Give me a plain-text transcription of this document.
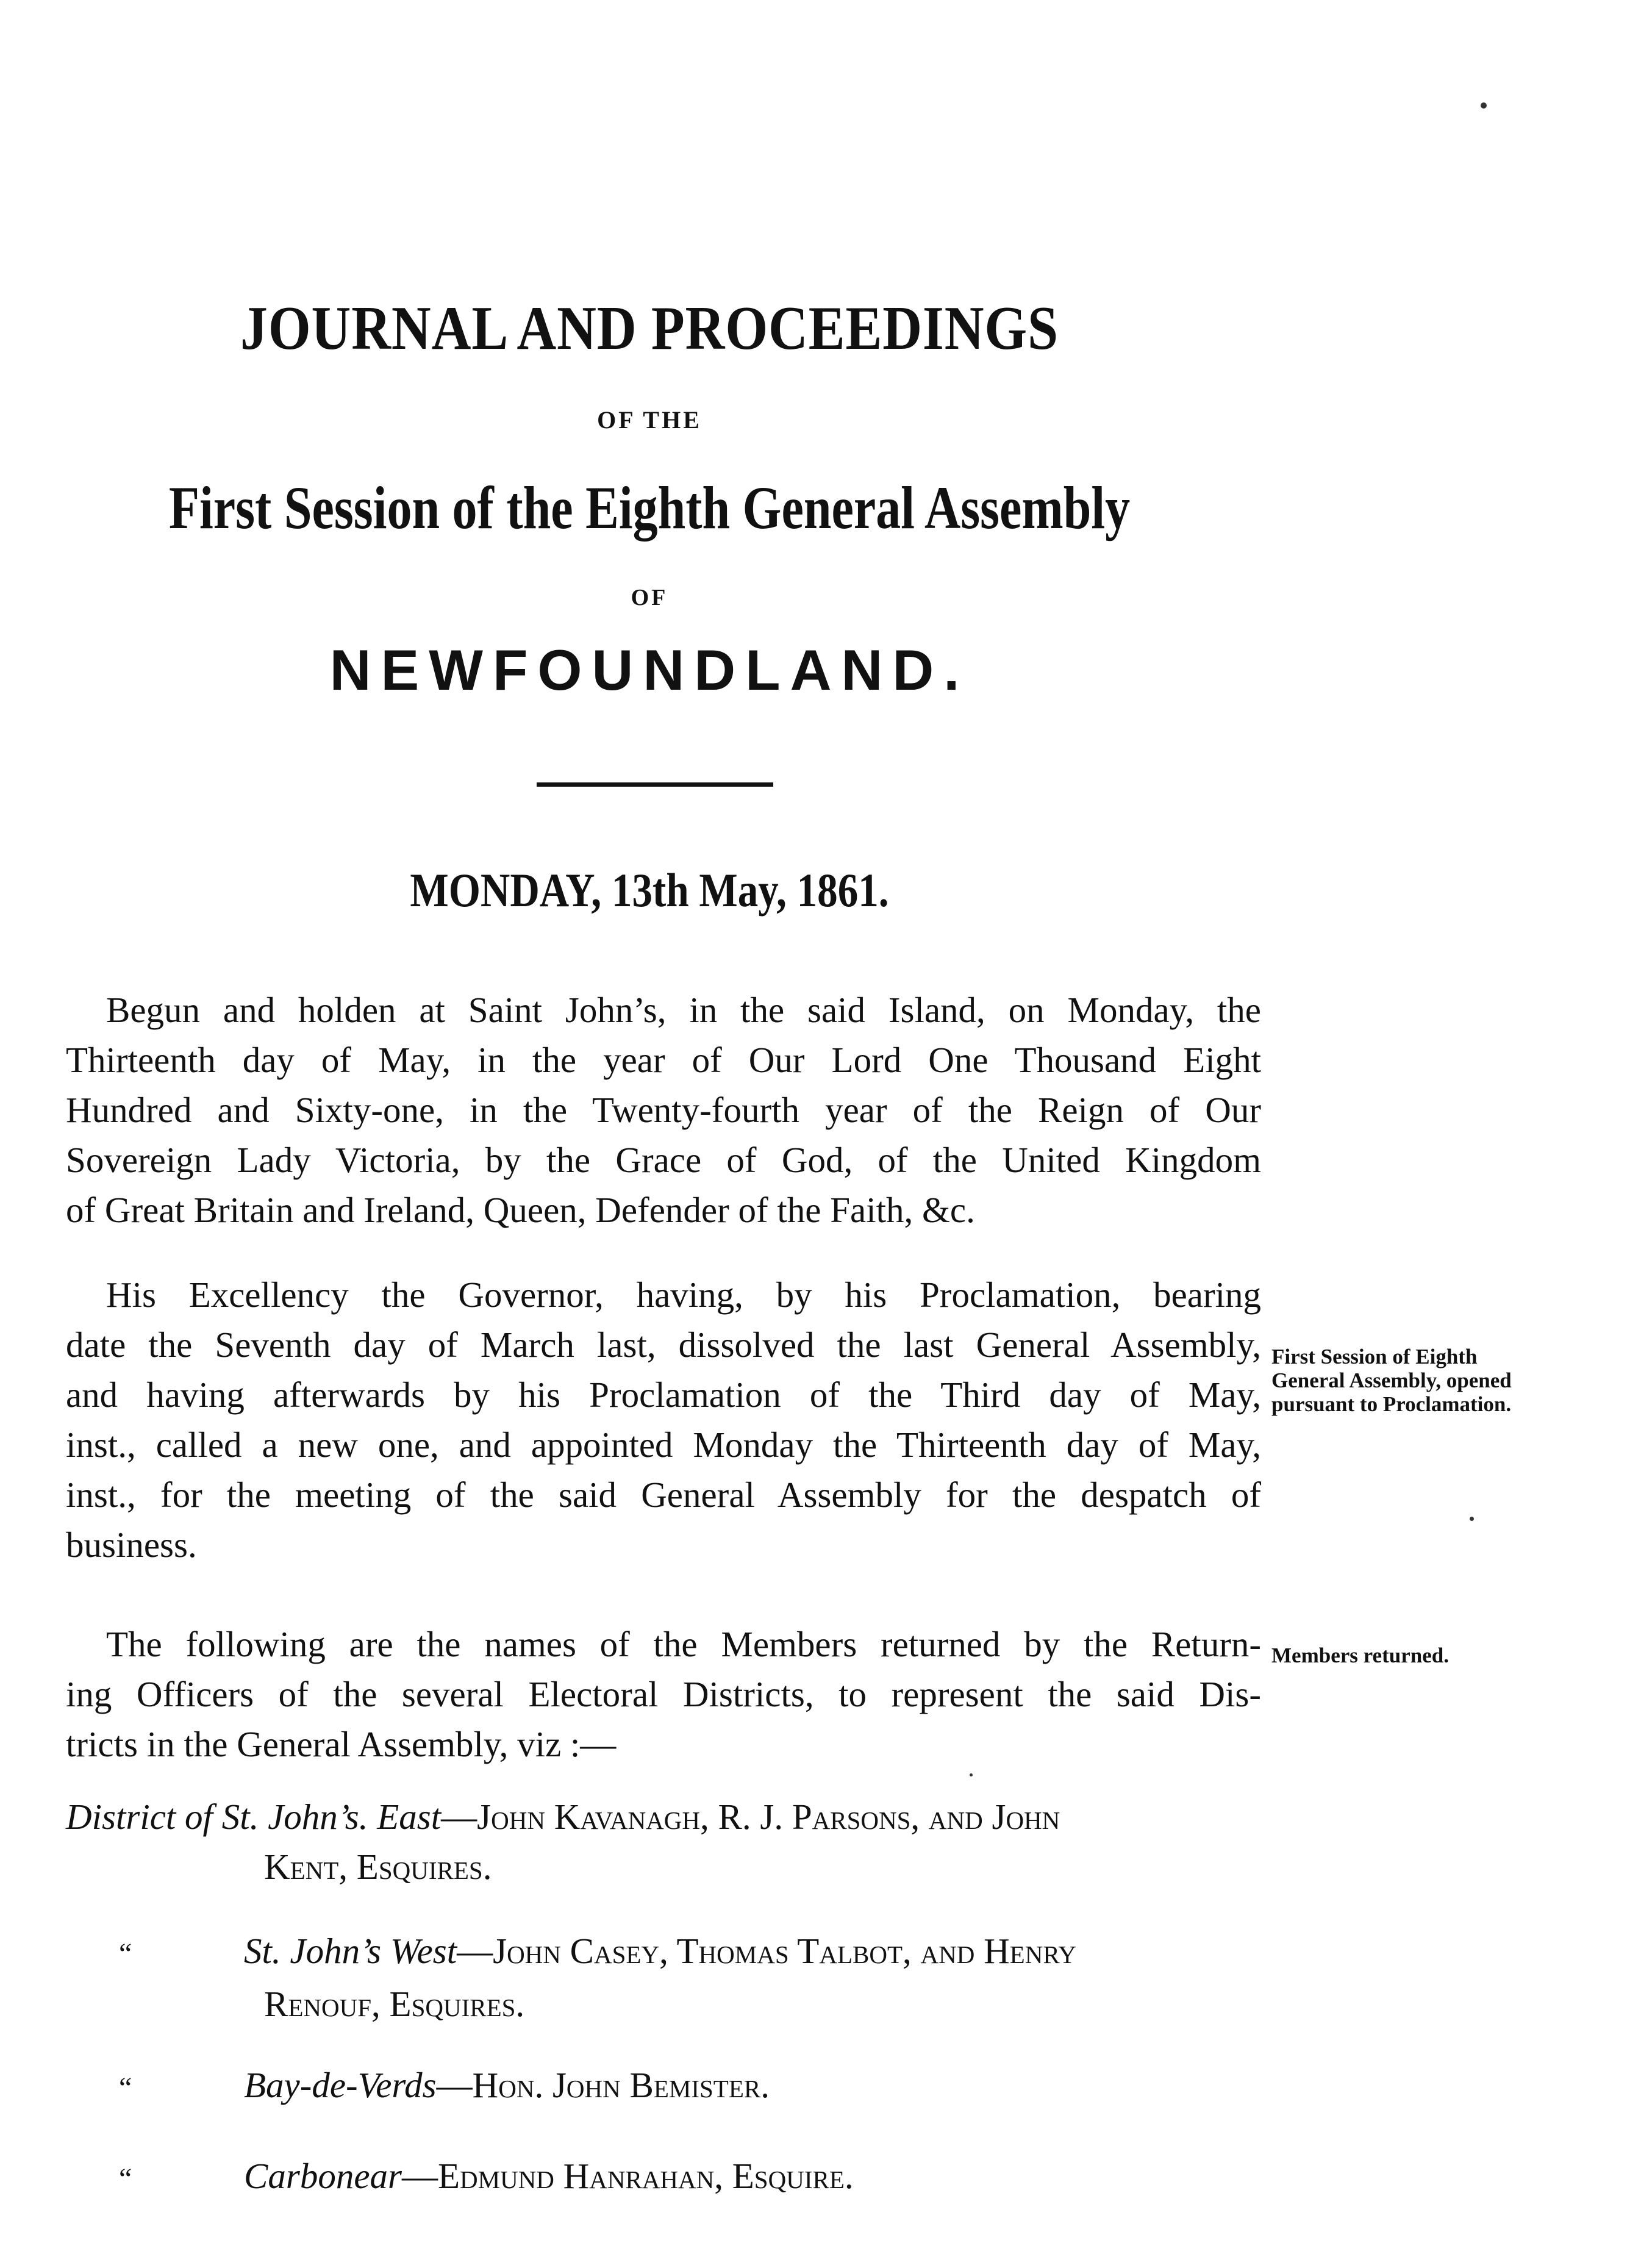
JOURNAL AND PROCEEDINGS
OF THE
First Session of the Eighth General Assembly
OF
NEWFOUNDLAND.
MONDAY, 13th May, 1861.
Begun and holden at Saint John’s, in the said Island, on Monday, the
Thirteenth day of May, in the year of Our Lord One Thousand Eight
Hundred and Sixty-one, in the Twenty-fourth year of the Reign of Our
Sovereign Lady Victoria, by the Grace of God, of the United Kingdom
of Great Britain and Ireland, Queen, Defender of the Faith, &c.
His Excellency the Governor, having, by his Proclamation, bearing
date the Seventh day of March last, dissolved the last General Assembly,
and having afterwards by his Proclamation of the Third day of May,
inst., called a new one, and appointed Monday the Thirteenth day of May,
inst., for the meeting of the said General Assembly for the despatch of
business.
First Session of Eighth
General Assembly, opened
pursuant to Proclamation.
The following are the names of the Members returned by the Return-
ing Officers of the several Electoral Districts, to represent the said Dis-
tricts in the General Assembly, viz :—
Members returned.
District of St. John’s. East—John Kavanagh, R. J. Parsons, and John
Kent, Esquires.
“	St. John’s West—John Casey, Thomas Talbot, and Henry
Renouf, Esquires.
“	Bay-de-Verds—Hon. John Bemister.
“	Carbonear—Edmund Hanrahan, Esquire.
